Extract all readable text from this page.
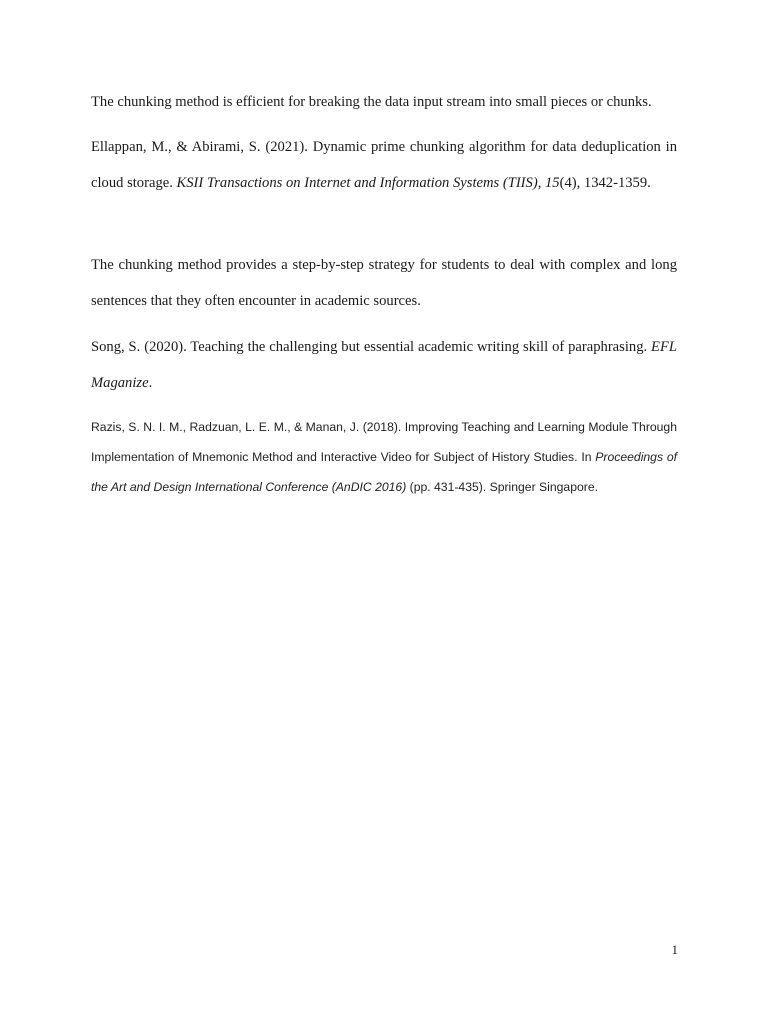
The chunking method is efficient for breaking the data input stream into small pieces or chunks.

Ellappan, M., & Abirami, S. (2021). Dynamic prime chunking algorithm for data deduplication in cloud storage. KSII Transactions on Internet and Information Systems (TIIS), 15(4), 1342-1359.

The chunking method provides a step-by-step strategy for students to deal with complex and long sentences that they often encounter in academic sources.

Song, S. (2020). Teaching the challenging but essential academic writing skill of paraphrasing. EFL Maganize.

Razis, S. N. I. M., Radzuan, L. E. M., & Manan, J. (2018). Improving Teaching and Learning Module Through Implementation of Mnemonic Method and Interactive Video for Subject of History Studies. In Proceedings of the Art and Design International Conference (AnDIC 2016) (pp. 431-435). Springer Singapore.

1
